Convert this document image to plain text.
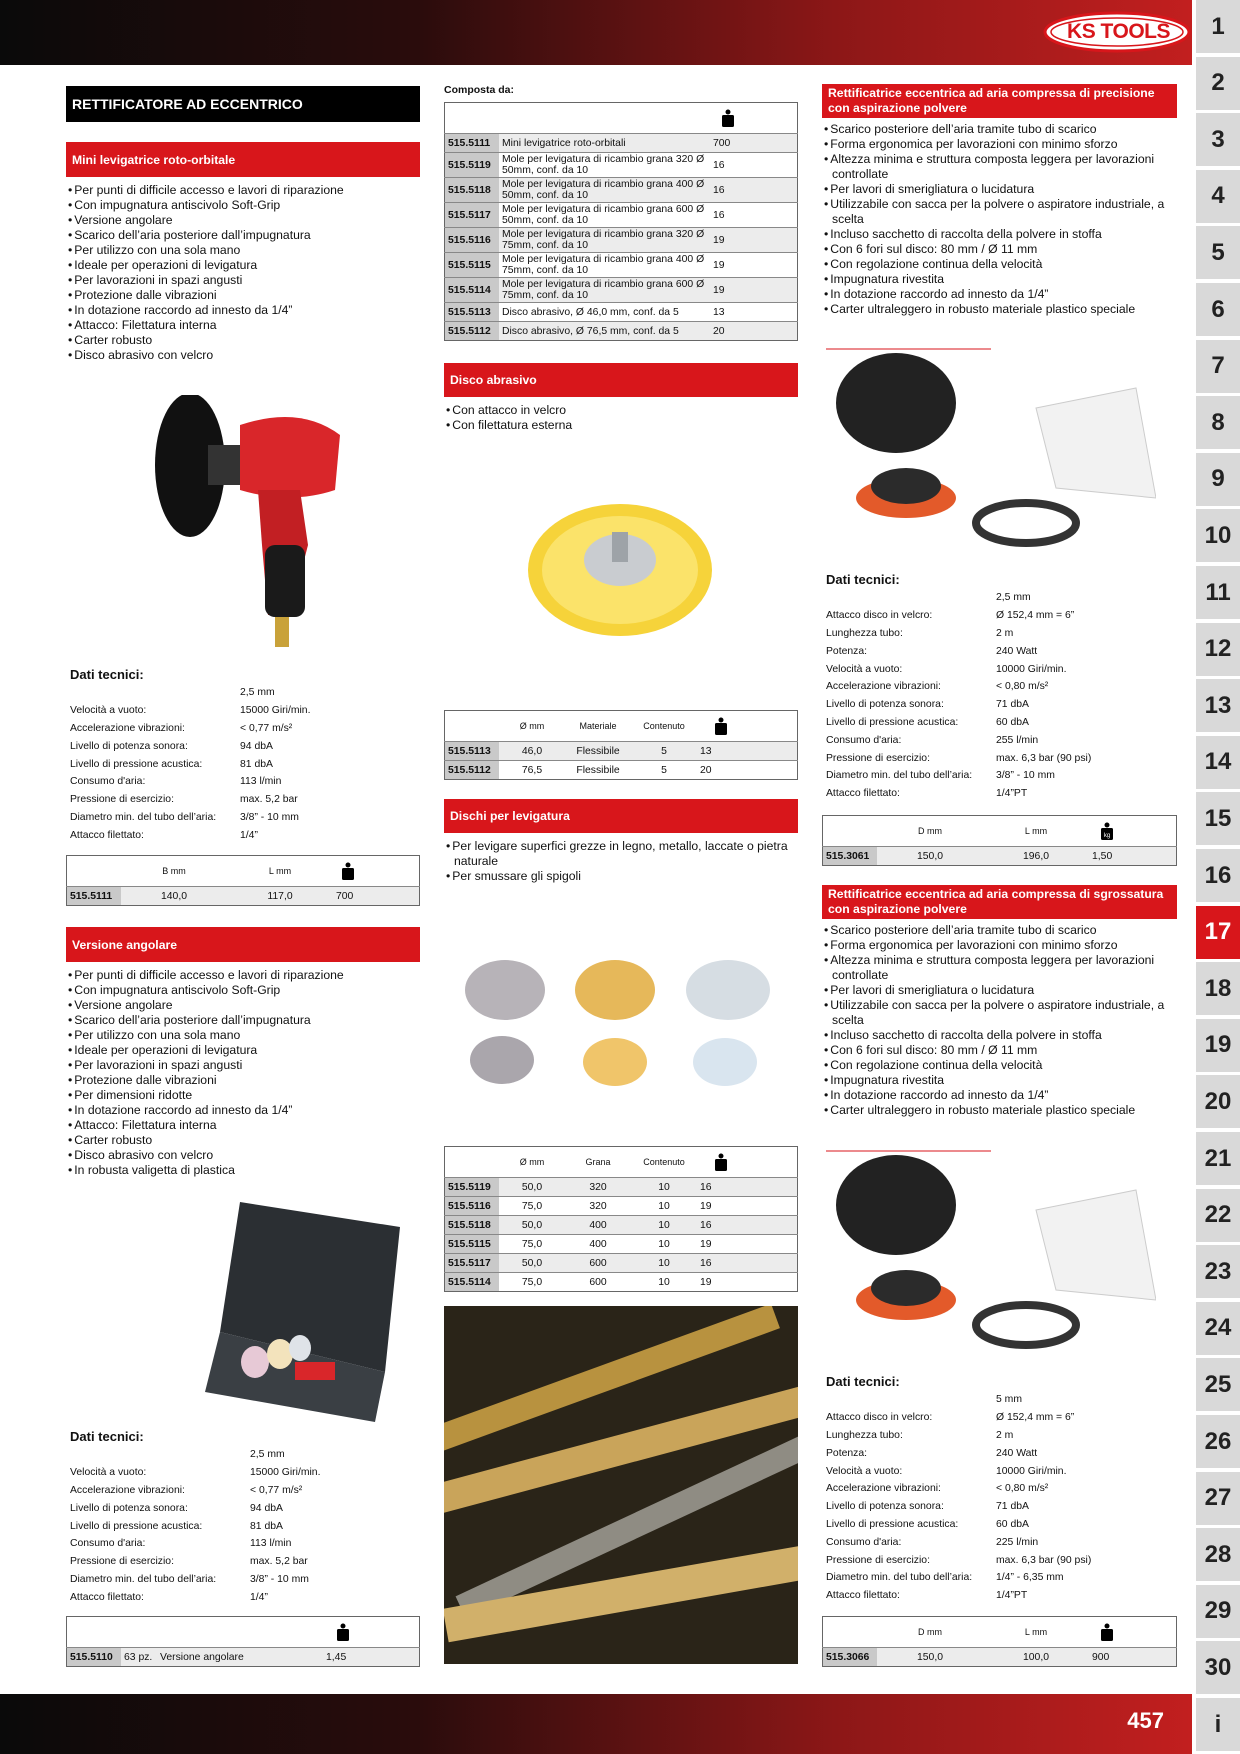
KS TOOLS
457
1
2
3
4
5
6
7
8
9
10
11
12
13
14
15
16
17
18
19
20
21
22
23
24
25
26
27
28
29
30
i
RETTIFICATORE AD ECCENTRICO
Mini levigatrice roto-orbitale
• Per punti di difficile accesso e lavori di riparazione
• Con impugnatura antiscivolo Soft-Grip
• Versione angolare
• Scarico dell’aria posteriore dall’impugnatura
• Per utilizzo con una sola mano
• Ideale per operazioni di levigatura
• Per lavorazioni in spazi angusti
• Protezione dalle vibrazioni
• In dotazione raccordo ad innesto da 1/4”
• Attacco: Filettatura interna
• Carter robusto
• Disco abrasivo con velcro
Dati tecnici:
	2,5 mm
Velocità a vuoto:	15000 Giri/min.
Accelerazione vibrazioni:	< 0,77 m/s²
Livello di potenza sonora:	94 dbA
Livello di pressione acustica:	81 dbA
Consumo d'aria:	113 l/min
Pressione di esercizio:	max. 5,2 bar
Diametro min. del tubo dell’aria:	3/8” - 10 mm
Attacco filettato:	1/4”
	B mm	L mm		
515.5111	140,0	117,0	700	
Versione angolare
• Per punti di difficile accesso e lavori di riparazione
• Con impugnatura antiscivolo Soft-Grip
• Versione angolare
• Scarico dell’aria posteriore dall’impugnatura
• Per utilizzo con una sola mano
• Ideale per operazioni di levigatura
• Per lavorazioni in spazi angusti
• Protezione dalle vibrazioni
• Per dimensioni ridotte
• In dotazione raccordo ad innesto da 1/4”
• Attacco: Filettatura interna
• Carter robusto
• Disco abrasivo con velcro
• In robusta valigetta di plastica
Dati tecnici:
	2,5 mm
Velocità a vuoto:	15000 Giri/min.
Accelerazione vibrazioni:	< 0,77 m/s²
Livello di potenza sonora:	94 dbA
Livello di pressione acustica:	81 dbA
Consumo d'aria:	113 l/min
Pressione di esercizio:	max. 5,2 bar
Diametro min. del tubo dell’aria:	3/8” - 10 mm
Attacco filettato:	1/4”

515.5110	63 pz.	Versione angolare	1,45	
Composta da:

515.5111	Mini levigatrice roto-orbitali	700	
515.5119	Mole per levigatura di ricambio grana 320 Ø 50mm, conf. da 10	16	
515.5118	Mole per levigatura di ricambio grana 400 Ø 50mm, conf. da 10	16	
515.5117	Mole per levigatura di ricambio grana 600 Ø 50mm, conf. da 10	16	
515.5116	Mole per levigatura di ricambio grana 320 Ø 75mm, conf. da 10	19	
515.5115	Mole per levigatura di ricambio grana 400 Ø 75mm, conf. da 10	19	
515.5114	Mole per levigatura di ricambio grana 600 Ø 75mm, conf. da 10	19	
515.5113	Disco abrasivo, Ø 46,0 mm, conf. da 5	13	
515.5112	Disco abrasivo, Ø 76,5 mm, conf. da 5	20	
Disco abrasivo
• Con attacco in velcro
• Con filettatura esterna
	Ø mm	Materiale	Contenuto		
515.5113	46,0	Flessibile	5	13	
515.5112	76,5	Flessibile	5	20	
Dischi per levigatura
• Per levigare superfici grezze in legno, metallo, laccate o pietra naturale
• Per smussare gli spigoli
	Ø mm	Grana	Contenuto		
515.5119	50,0	320	10	16	
515.5116	75,0	320	10	19	
515.5118	50,0	400	10	16	
515.5115	75,0	400	10	19	
515.5117	50,0	600	10	16	
515.5114	75,0	600	10	19	
Rettificatrice eccentrica ad aria compressa di precisione con aspirazione polvere
• Scarico posteriore dell’aria tramite tubo di scarico
• Forma ergonomica per lavorazioni con minimo sforzo
• Altezza minima e struttura composta leggera per lavorazioni controllate
• Per lavori di smerigliatura o lucidatura
• Utilizzabile con sacca per la polvere o aspiratore industriale, a scelta
• Incluso sacchetto di raccolta della polvere in stoffa
• Con 6 fori sul disco: 80 mm / Ø 11 mm
• Con regolazione continua della velocità
• Impugnatura rivestita
• In dotazione raccordo ad innesto da 1/4”
• Carter ultraleggero in robusto materiale plastico speciale
Dati tecnici:
	2,5 mm
Attacco disco in velcro:	Ø 152,4 mm = 6”
Lunghezza tubo:	2 m
Potenza:	240 Watt
Velocità a vuoto:	10000 Giri/min.
Accelerazione vibrazioni:	< 0,80 m/s²
Livello di potenza sonora:	71 dbA
Livello di pressione acustica:	60 dbA
Consumo d'aria:	255 l/min
Pressione di esercizio:	max. 6,3 bar (90 psi)
Diametro min. del tubo dell’aria:	3/8” - 10 mm
Attacco filettato:	1/4”PT
	D mm	L mm	kg	

515.3061	150,0	196,0	1,50	
Rettificatrice eccentrica ad aria compressa di sgrossatura con aspirazione polvere
• Scarico posteriore dell’aria tramite tubo di scarico
• Forma ergonomica per lavorazioni con minimo sforzo
• Altezza minima e struttura composta leggera per lavorazioni controllate
• Per lavori di smerigliatura o lucidatura
• Utilizzabile con sacca per la polvere o aspiratore industriale, a scelta
• Incluso sacchetto di raccolta della polvere in stoffa
• Con 6 fori sul disco: 80 mm / Ø 11 mm
• Con regolazione continua della velocità
• Impugnatura rivestita
• In dotazione raccordo ad innesto da 1/4”
• Carter ultraleggero in robusto materiale plastico speciale
Dati tecnici:
	5 mm
Attacco disco in velcro:	Ø 152,4 mm = 6”
Lunghezza tubo:	2 m
Potenza:	240 Watt
Velocità a vuoto:	10000 Giri/min.
Accelerazione vibrazioni:	< 0,80 m/s²
Livello di potenza sonora:	71 dbA
Livello di pressione acustica:	60 dbA
Consumo d'aria:	225 l/min
Pressione di esercizio:	max. 6,3 bar (90 psi)
Diametro min. del tubo dell’aria:	1/4” - 6,35 mm
Attacco filettato:	1/4”PT
	D mm	L mm		
515.3066	150,0	100,0	900	
